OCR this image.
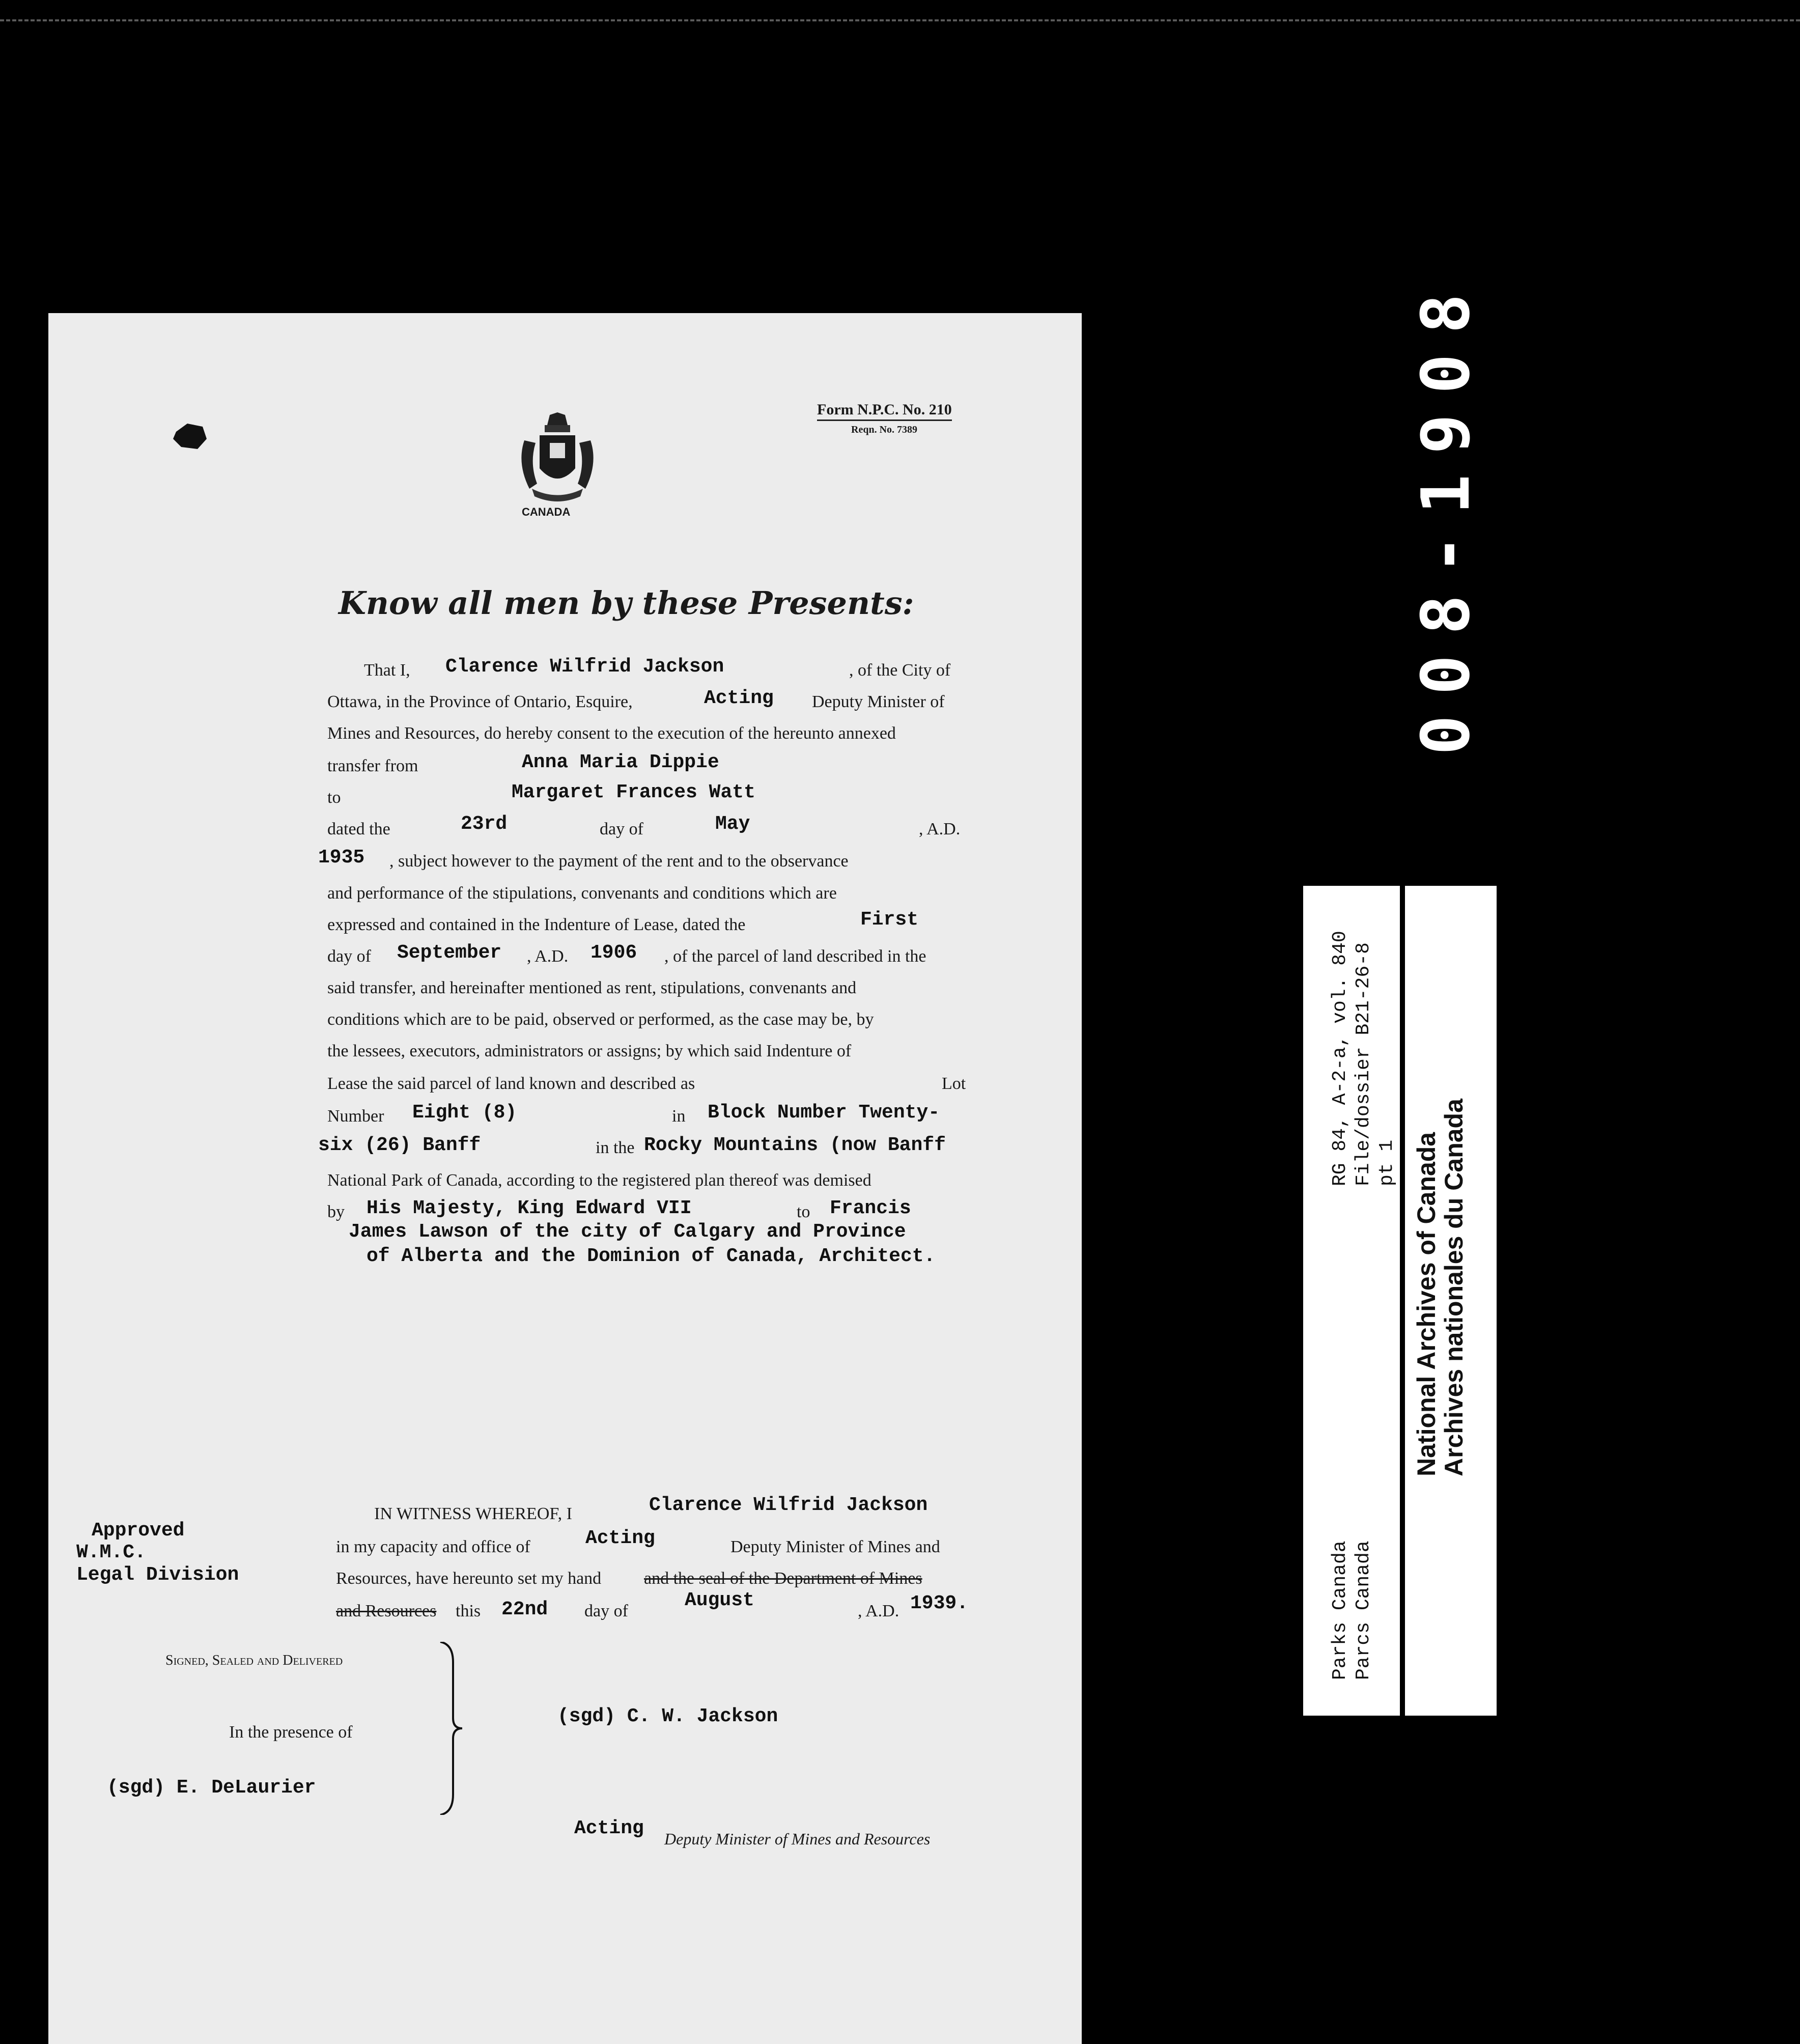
008-1908
RG 84, A-2-a, vol. 840 File/dossier B21-26-8 pt 1
Parks Canada Parcs Canada
National Archives of Canada
Archives nationales du Canada
Form N.P.C. No. 210
Reqn. No. 7389
CANADA
Know all men by these Presents:
That I, Clarence Wilfrid Jackson	, of the City of
Ottawa, in the Province of Ontario, Esquire,	Acting Deputy Minister of
Mines and Resources, do hereby consent to the execution of the hereunto annexed
transfer from	Anna Maria Dippie
to	Margaret Frances Watt
dated the	23rd	day of	May	, A.D.
1935 , subject however to the payment of the rent and to the observance
and performance of the stipulations, convenants and conditions which are
expressed and contained in the Indenture of Lease, dated the	First
day of September , A.D. 1906 , of the parcel of land described in the
said transfer, and hereinafter mentioned as rent, stipulations, convenants and
conditions which are to be paid, observed or performed, as the case may be, by
the lessees, executors, administrators or assigns; by which said Indenture of
Lease the said parcel of land known and described as	Lot
Number Eight (8)	in Block Number Twenty-
six (26) Banff	in the Rocky Mountains (now Banff
National Park of Canada, according to the registered plan thereof was demised
by His Majesty, King Edward VII	to Francis
James Lawson of the city of Calgary and Province
of Alberta and the Dominion of Canada, Architect.
Approved
W.M.C.
Legal Division
IN WITNESS WHEREOF, I	Clarence Wilfrid Jackson
in my capacity and office of	Acting	Deputy Minister of Mines and
Resources, have hereunto set my hand and the seal of the Department of Mines
and Resources this 22nd day of	August	, A.D. 1939.
Signed, Sealed and Delivered
In the presence of
(sgd) E. DeLaurier
(sgd) C. W. Jackson
Acting Deputy Minister of Mines and Resources
